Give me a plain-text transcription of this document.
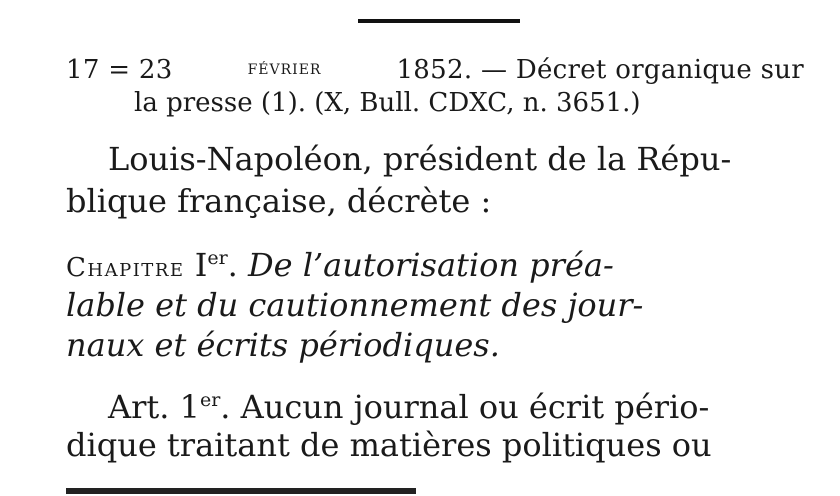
17 = 23	février	1852. — Décret organique sur
la presse (1). (X, Bull. CDXC, n. 3651.)
Louis-Napoléon, président de la Répu-
blique française, décrète :
Chapitre Ier. De l’autorisation préa-
lable et du cautionnement des jour-
naux et écrits périodiques.
Art. 1er. Aucun journal ou écrit pério-
dique traitant de matières politiques ou
